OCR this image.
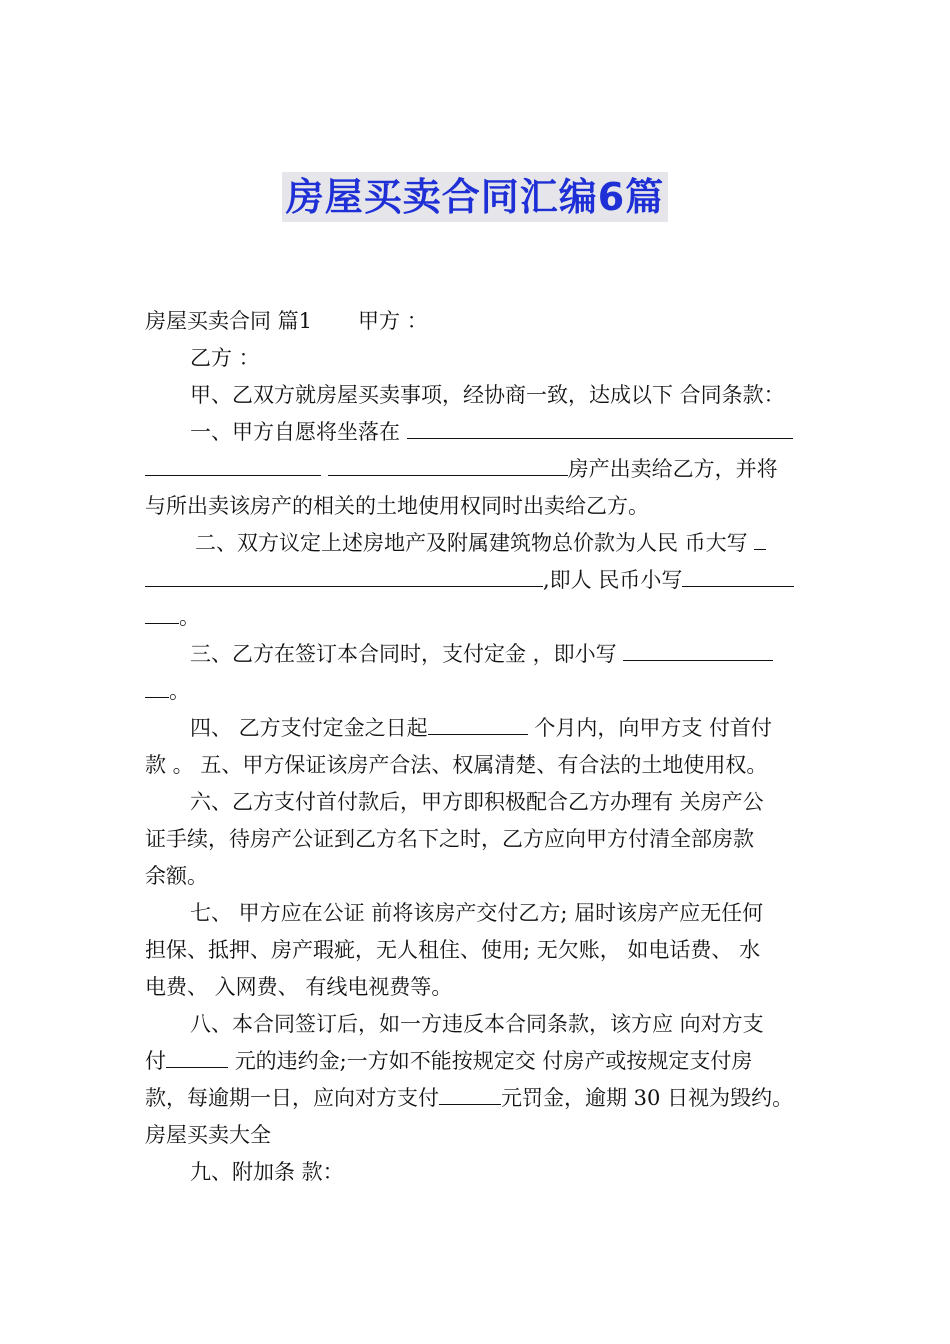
房屋买卖合同汇编6篇
房屋买卖合同 篇1 甲方 ：
乙方 ：
甲、乙双方就房屋买卖事项，经协商一致，达成以下 合同条款：
一、甲方自愿将坐落在
房产出卖给乙方，并将
与所出卖该房产的相关的土地使用权同时出卖给乙方。
二、双方议定上述房地产及附属建筑物总价款为人民 币大写
,即人 民币小写
。
三、乙方在签订本合同时，支付定金 ，即小写
。
四、 乙方支付定金之日起	个月内，向甲方支 付首付
款 。 五、甲方保证该房产合法、权属清楚、有合法的土地使用权。
六、乙方支付首付款后，甲方即积极配合乙方办理有 关房产公
证手续，待房产公证到乙方名下之时，乙方应向甲方付清全部房款
余额。
七、 甲方应在公证 前将该房产交付乙方; 届时该房产应无任何
担保、抵押、房产瑕疵，无人租住、使用; 无欠账， 如电话费、 水
电费、 入网费、 有线电视费等。
八、本合同签订后，如一方违反本合同条款，该方应 向对方支
付	元的违约金;一方如不能按规定交 付房产或按规定支付房
款，每逾期一日，应向对方支付	元罚金，逾期 30 日视为毁约。
房屋买卖大全
九、附加条 款：
